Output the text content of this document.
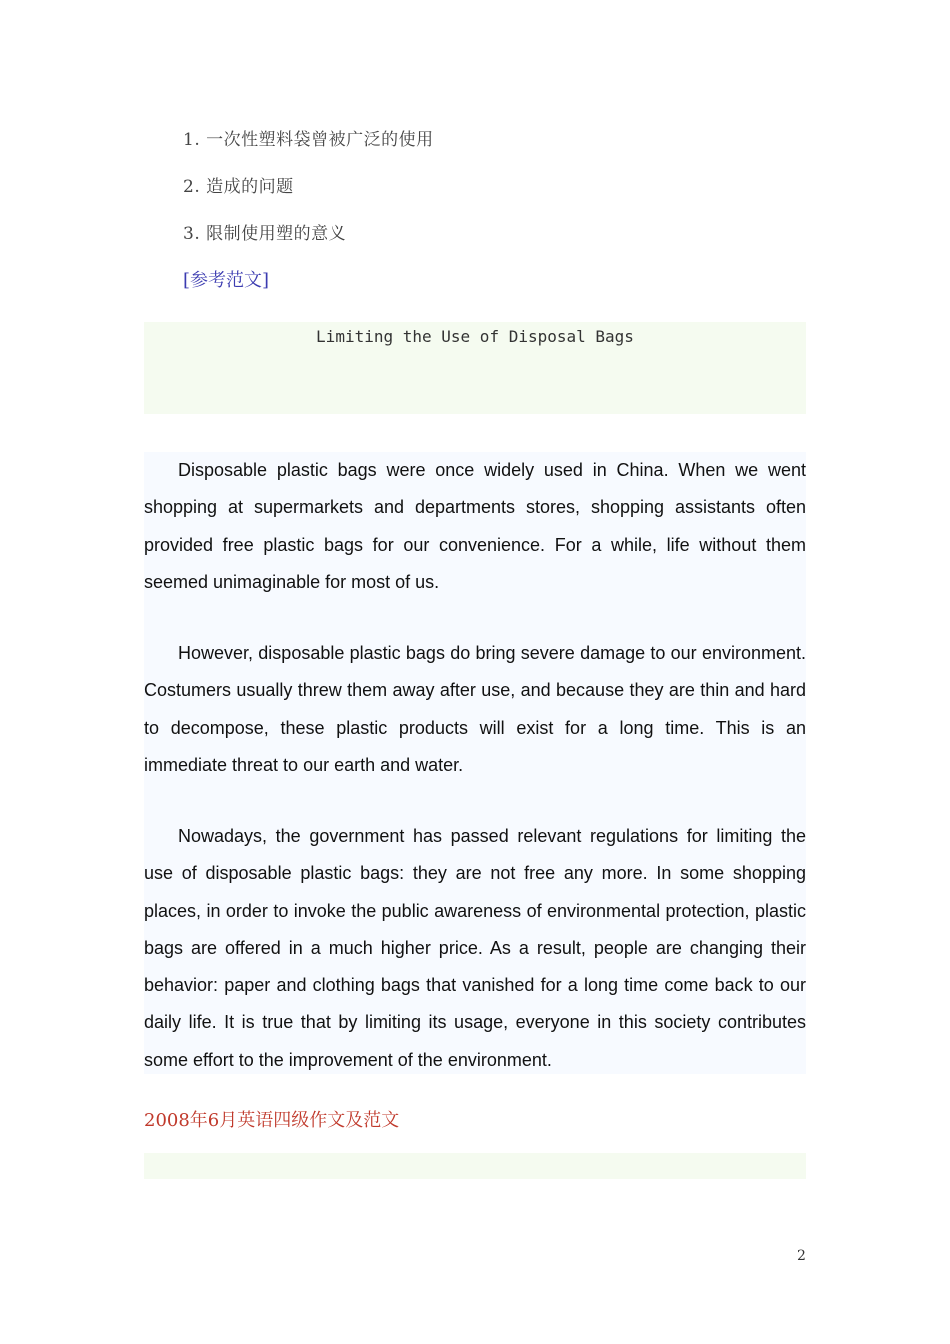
1. 一次性塑料袋曾被广泛的使用
2. 造成的问题
3. 限制使用塑的意义
[参考范文]
Limiting the Use of Disposal Bags

Disposable plastic bags were once widely used in China. When we went shopping at supermarkets and departments stores, shopping assistants often provided free plastic bags for our convenience. For a while, life without them seemed unimaginable for most of us.

However, disposable plastic bags do bring severe damage to our environment. Costumers usually threw them away after use, and because they are thin and hard to decompose, these plastic products will exist for a long time. This is an immediate threat to our earth and water.

Nowadays, the government has passed relevant regulations for limiting the use of disposable plastic bags: they are not free any more. In some shopping places, in order to invoke the public awareness of environmental protection, plastic bags are offered in a much higher price. As a result, people are changing their behavior: paper and clothing bags that vanished for a long time come back to our daily life. It is true that by limiting its usage, everyone in this society contributes some effort to the improvement of the environment.

2008年6月英语四级作文及范文
2
